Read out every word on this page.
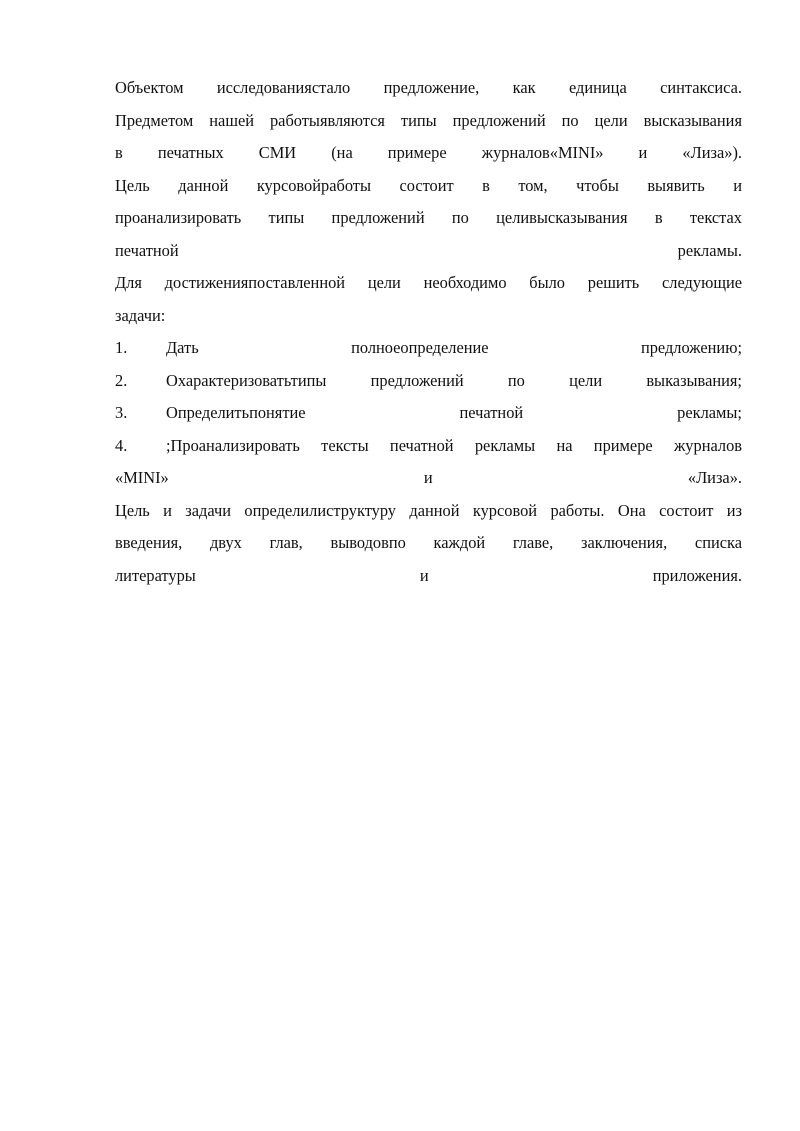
Объектом исследованиястало предложение, как единица синтаксиса.
Предметом нашей работыявляются типы предложений по цели высказывания
в печатных СМИ (на примере журналов«MINI» и «Лиза»).
Цель данной курсовойработы состоит в том, чтобы выявить и
проанализировать типы предложений по целивысказывания в текстах
печатной рекламы.
Для достиженияпоставленной цели необходимо было решить следующие
задачи:
1.	Дать полноеопределение предложению;
2.	Охарактеризоватьтипы предложений по цели выказывания;
3.	Определитьпонятие печатной рекламы;
4.	;Проанализировать тексты печатной рекламы на примере журналов
«MINI» и «Лиза».
Цель и задачи определилиструктуру данной курсовой работы. Она состоит из
введения, двух глав, выводовпо каждой главе, заключения, списка
литературы и приложения.
